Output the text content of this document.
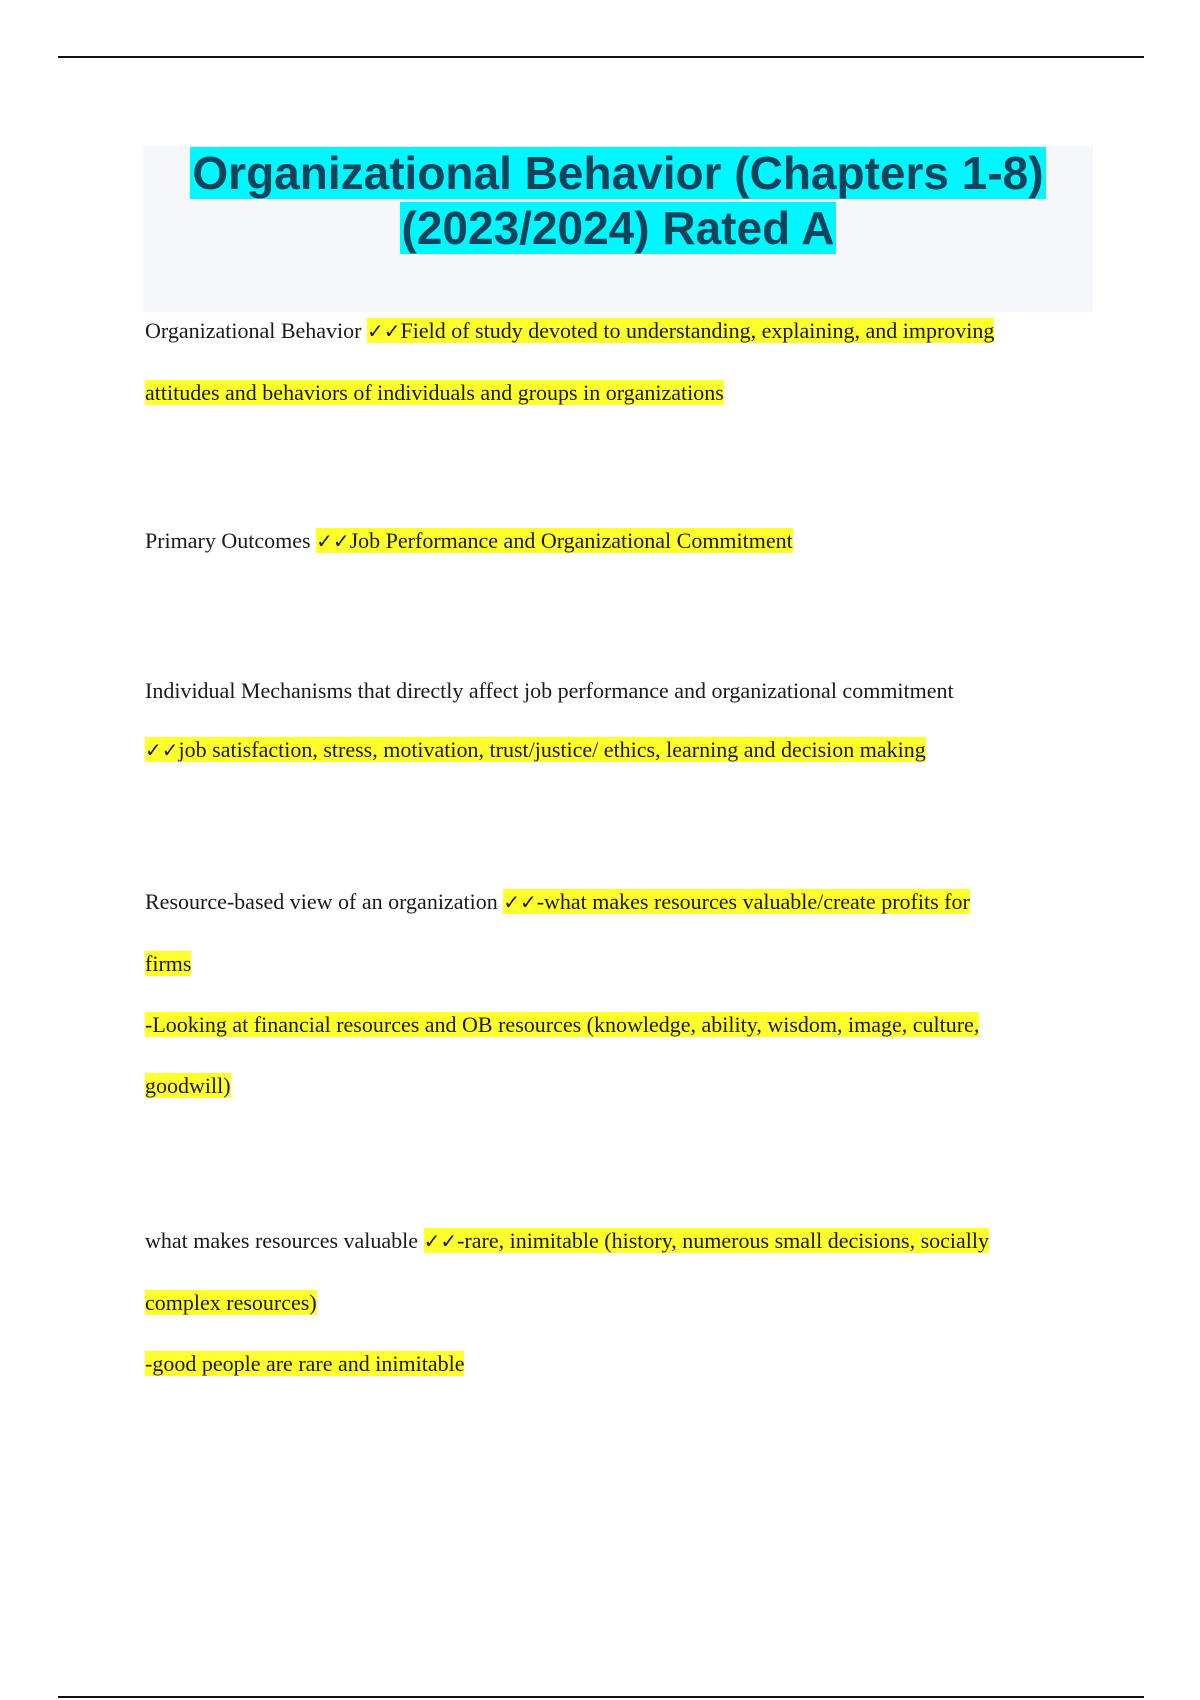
Organizational Behavior (Chapters 1-8)
(2023/2024) Rated A

Organizational Behavior ✓✓Field of study devoted to understanding, explaining, and improving

attitudes and behaviors of individuals and groups in organizations

Primary Outcomes ✓✓Job Performance and Organizational Commitment

Individual Mechanisms that directly affect job performance and organizational commitment

✓✓job satisfaction, stress, motivation, trust/justice/ ethics, learning and decision making

Resource-based view of an organization ✓✓-what makes resources valuable/create profits for

firms

-Looking at financial resources and OB resources (knowledge, ability, wisdom, image, culture,

goodwill)

what makes resources valuable ✓✓-rare, inimitable (history, numerous small decisions, socially

complex resources)

-good people are rare and inimitable
